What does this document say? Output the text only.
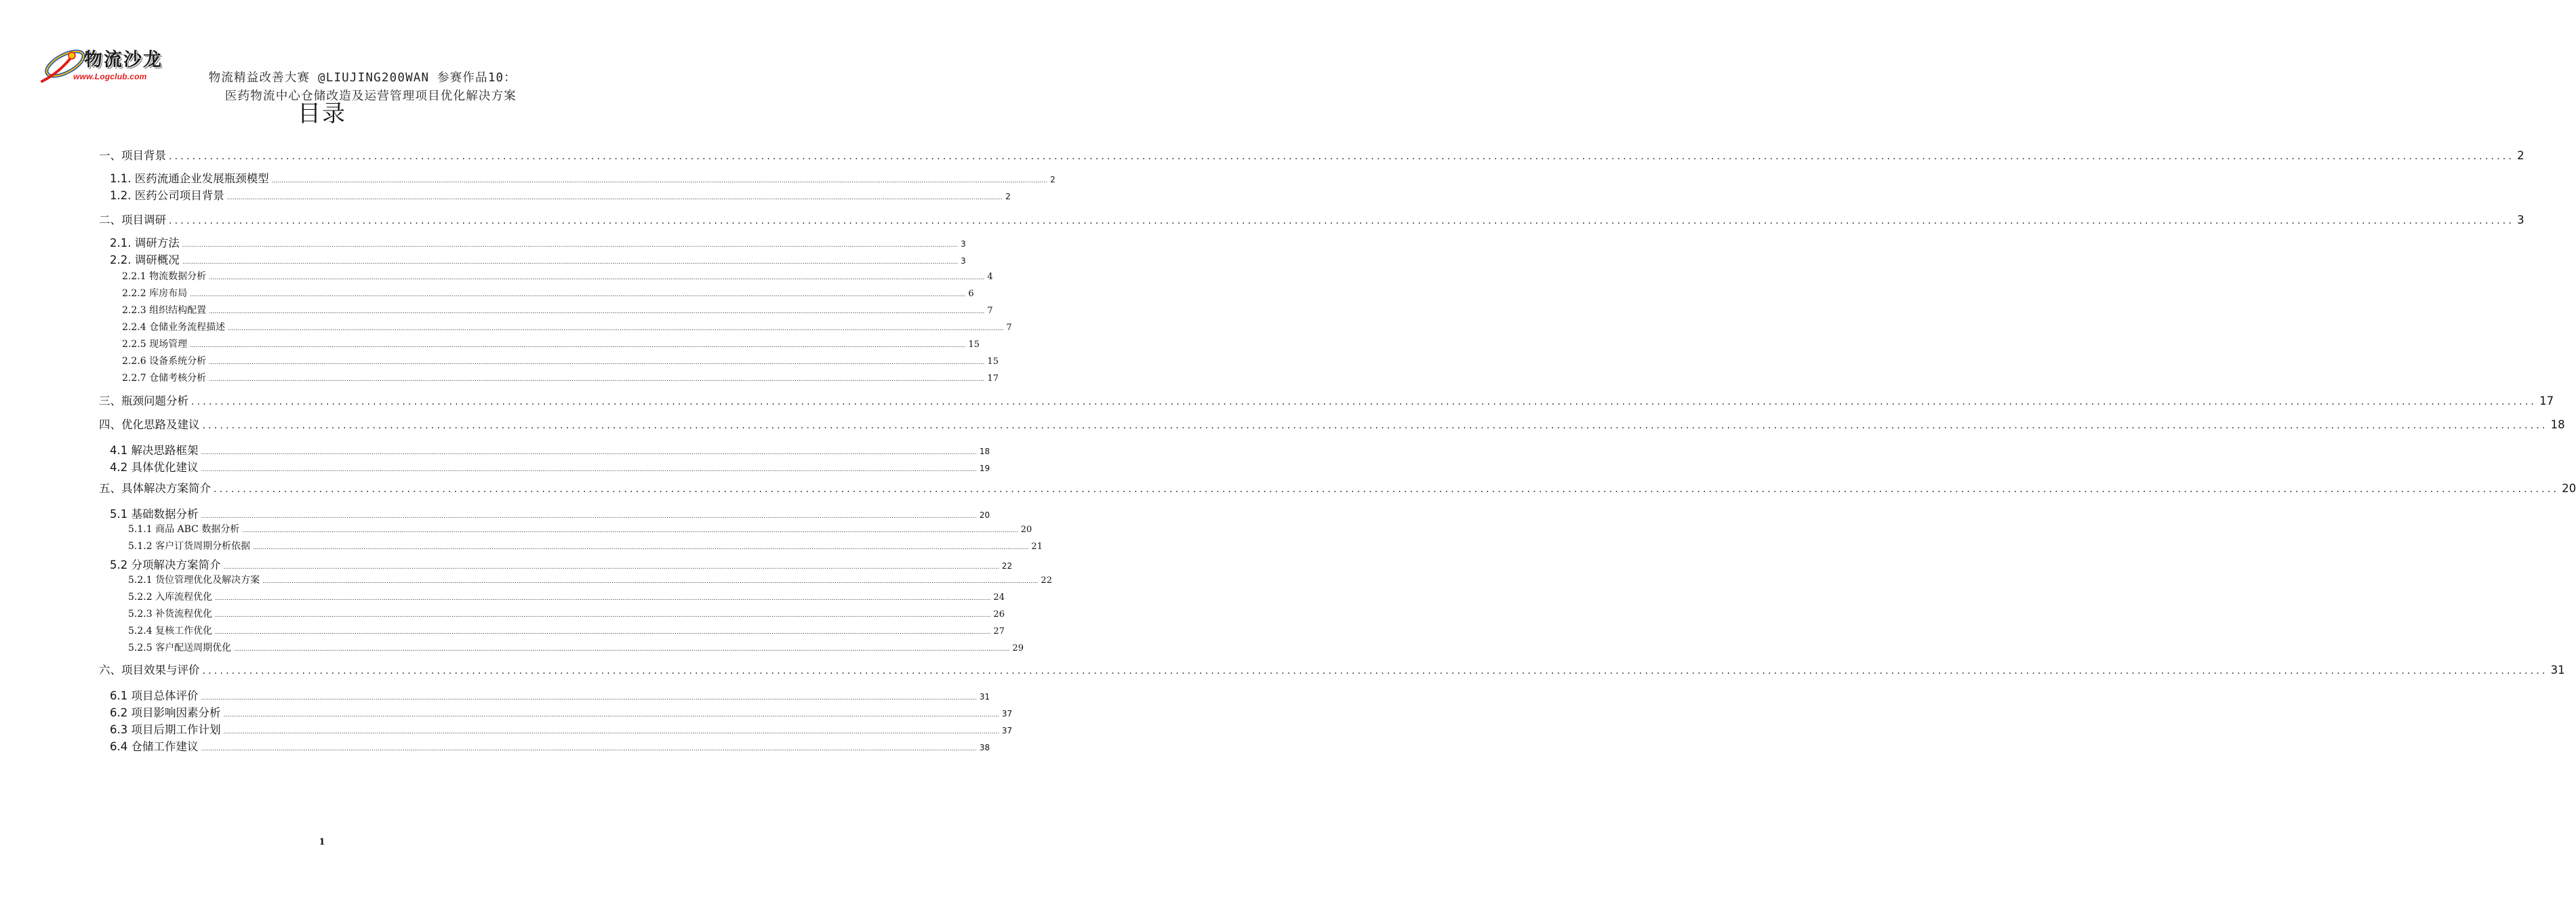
物流沙龙
www.Logclub.com	物流精益改善大赛 @LIUJING200WAN 参赛作品10：
医药物流中心仓储改造及运营管理项目优化解决方案
目录
一、项目背景 ................................................................................................................................................................................................................................................................................................................................................................................................................ 2
1.1. 医药流通企业发展瓶颈模型 ................................................................................................................................................................................................................................................................................................................................................................................................................ 2
1.2. 医药公司项目背景 ................................................................................................................................................................................................................................................................................................................................................................................................................ 2
二、项目调研 ................................................................................................................................................................................................................................................................................................................................................................................................................ 3
2.1. 调研方法 ................................................................................................................................................................................................................................................................................................................................................................................................................ 3
2.2. 调研概况 ................................................................................................................................................................................................................................................................................................................................................................................................................ 3
2.2.1 物流数据分析 ................................................................................................................................................................................................................................................................................................................................................................................................................ 4
2.2.2 库房布局 ................................................................................................................................................................................................................................................................................................................................................................................................................ 6
2.2.3 组织结构配置 ................................................................................................................................................................................................................................................................................................................................................................................................................ 7
2.2.4 仓储业务流程描述 ................................................................................................................................................................................................................................................................................................................................................................................................................ 7
2.2.5 现场管理 ................................................................................................................................................................................................................................................................................................................................................................................................................ 15
2.2.6 设备系统分析 ................................................................................................................................................................................................................................................................................................................................................................................................................ 15
2.2.7 仓储考核分析 ................................................................................................................................................................................................................................................................................................................................................................................................................ 17
三、瓶颈问题分析 ................................................................................................................................................................................................................................................................................................................................................................................................................ 17
四、优化思路及建议 ................................................................................................................................................................................................................................................................................................................................................................................................................ 18
4.1 解决思路框架 ................................................................................................................................................................................................................................................................................................................................................................................................................ 18
4.2 具体优化建议 ................................................................................................................................................................................................................................................................................................................................................................................................................ 19
五、具体解决方案简介 ................................................................................................................................................................................................................................................................................................................................................................................................................ 20
5.1 基础数据分析 ................................................................................................................................................................................................................................................................................................................................................................................................................ 20
5.1.1 商品 ABC 数据分析 ................................................................................................................................................................................................................................................................................................................................................................................................................ 20
5.1.2 客户订货周期分析依据 ................................................................................................................................................................................................................................................................................................................................................................................................................ 21
5.2 分项解决方案简介 ................................................................................................................................................................................................................................................................................................................................................................................................................ 22
5.2.1 货位管理优化及解决方案 ................................................................................................................................................................................................................................................................................................................................................................................................................ 22
5.2.2 入库流程优化 ................................................................................................................................................................................................................................................................................................................................................................................................................ 24
5.2.3 补货流程优化 ................................................................................................................................................................................................................................................................................................................................................................................................................ 26
5.2.4 复核工作优化 ................................................................................................................................................................................................................................................................................................................................................................................................................ 27
5.2.5 客户配送周期优化 ................................................................................................................................................................................................................................................................................................................................................................................................................ 29
六、项目效果与评价 ................................................................................................................................................................................................................................................................................................................................................................................................................ 31
6.1 项目总体评价 ................................................................................................................................................................................................................................................................................................................................................................................................................ 31
6.2 项目影响因素分析 ................................................................................................................................................................................................................................................................................................................................................................................................................ 37
6.3 项目后期工作计划 ................................................................................................................................................................................................................................................................................................................................................................................................................ 37
6.4 仓储工作建议 ................................................................................................................................................................................................................................................................................................................................................................................................................ 38
1
